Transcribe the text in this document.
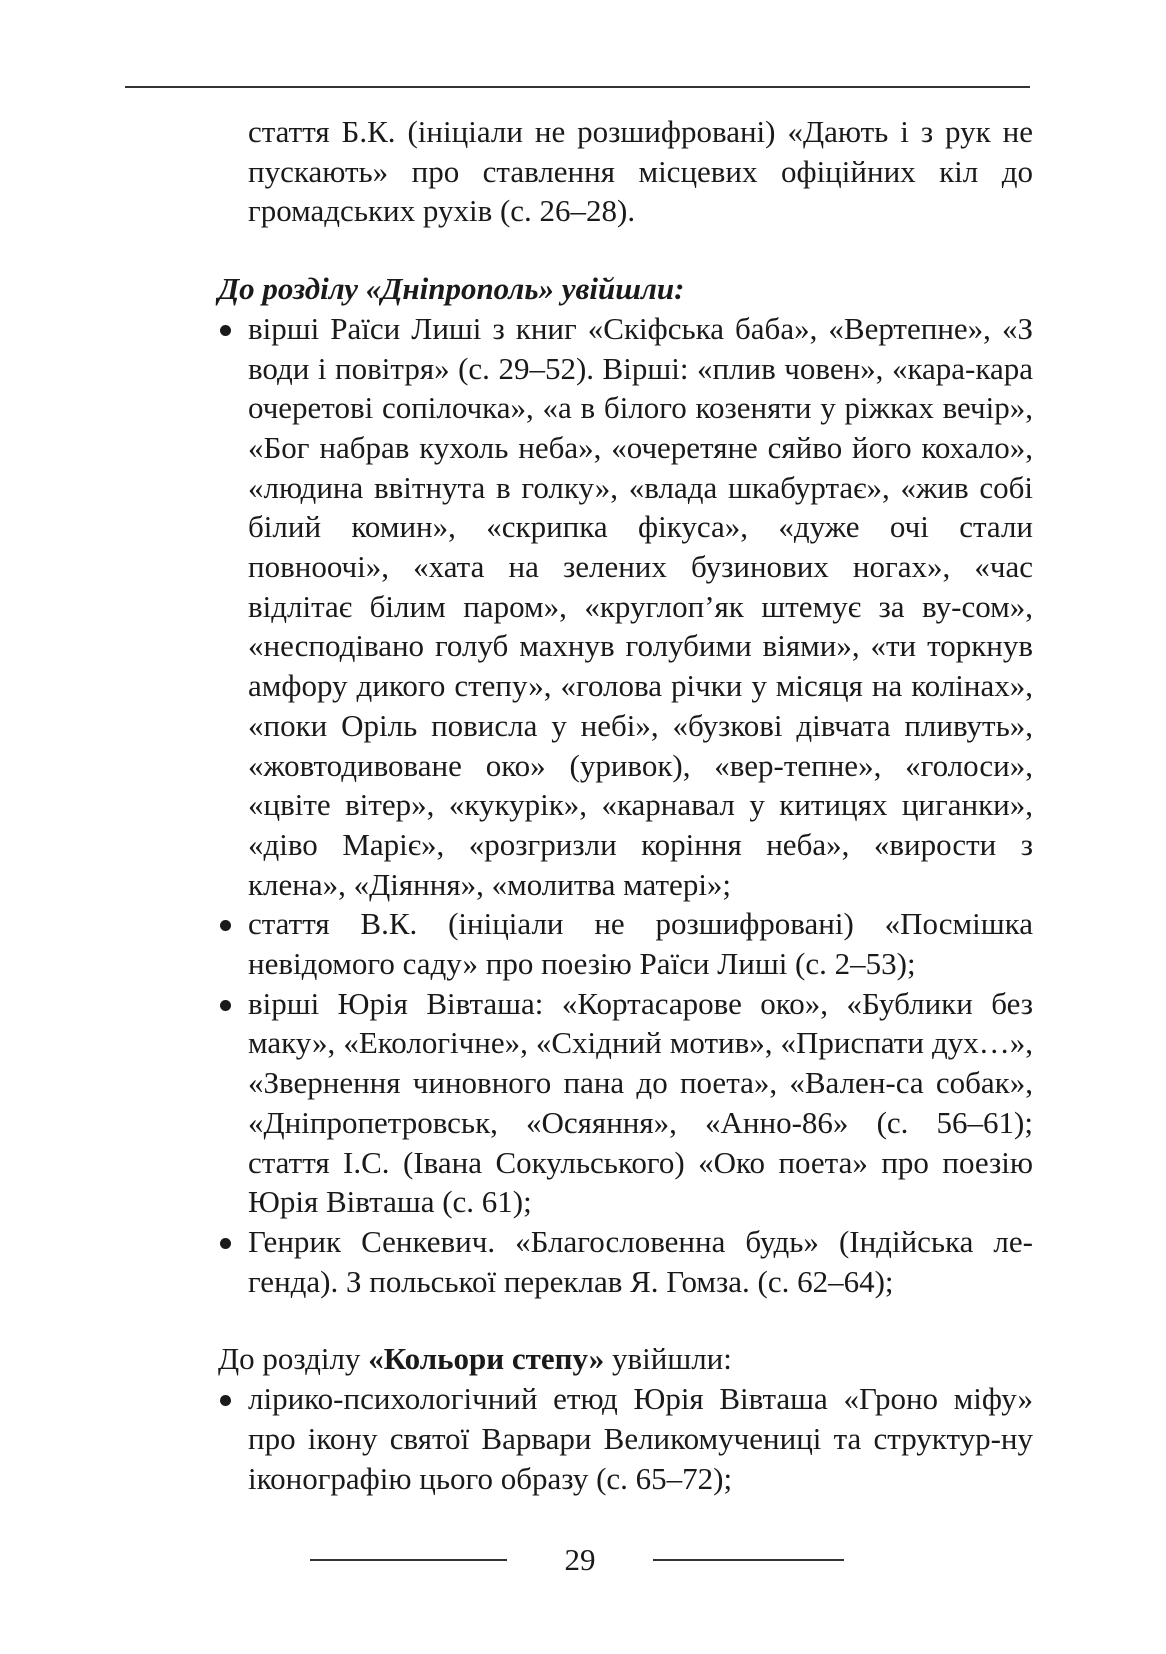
стаття Б.К. (ініціали не розшифровані) «Дають і з рук не пускають» про ставлення місцевих офіційних кіл до громадських рухів (с. 26–28).
До розділу «Дніпрополь» увійшли:
вірші Раїси Лиші з книг «Скіфська баба», «Вертепне», «З води і повітря» (с. 29–52). Вірші: «плив човен», «кара-кара очеретові сопілочка», «а в білого козеняти у ріжках вечір», «Бог набрав кухоль неба», «очеретяне сяйво його кохало», «людина ввітнута в голку», «влада шкабуртає», «жив собі білий комин», «скрипка фікуса», «дуже очі стали повноочі», «хата на зелених бузинових ногах», «час відлітає білим паром», «круглоп’як штемує за ву-сом», «несподівано голуб махнув голубими віями», «ти торкнув амфору дикого степу», «голова річки у місяця на колінах», «поки Оріль повисла у небі», «бузкові дівчата пливуть», «жовтодивоване око» (уривок), «вер-тепне», «голоси», «цвіте вітер», «кукурік», «карнавал у китицях циганки», «діво Маріє», «розгризли коріння неба», «вирости з клена», «Діяння», «молитва матері»;
стаття В.К. (ініціали не розшифровані) «Посмішка невідомого саду» про поезію Раїси Лиші (с. 2–53);
вірші Юрія Вівташа: «Кортасарове око», «Бублики без маку», «Екологічне», «Східний мотив», «Приспати дух…», «Звернення чиновного пана до поета», «Вален-са собак», «Дніпропетровськ, «Осяяння», «Анно-86» (с. 56–61); стаття І.С. (Івана Сокульського) «Око поета» про поезію Юрія Вівташа (с. 61);
Генрик Сенкевич. «Благословенна будь» (Індійська ле-генда). З польської переклав Я. Гомза. (с. 62–64);
До розділу «Кольори степу» увійшли:
лірико-психологічний етюд Юрія Вівташа «Гроно міфу» про ікону святої Варвари Великомучениці та структур-ну іконографію цього образу (с. 65–72);
29
